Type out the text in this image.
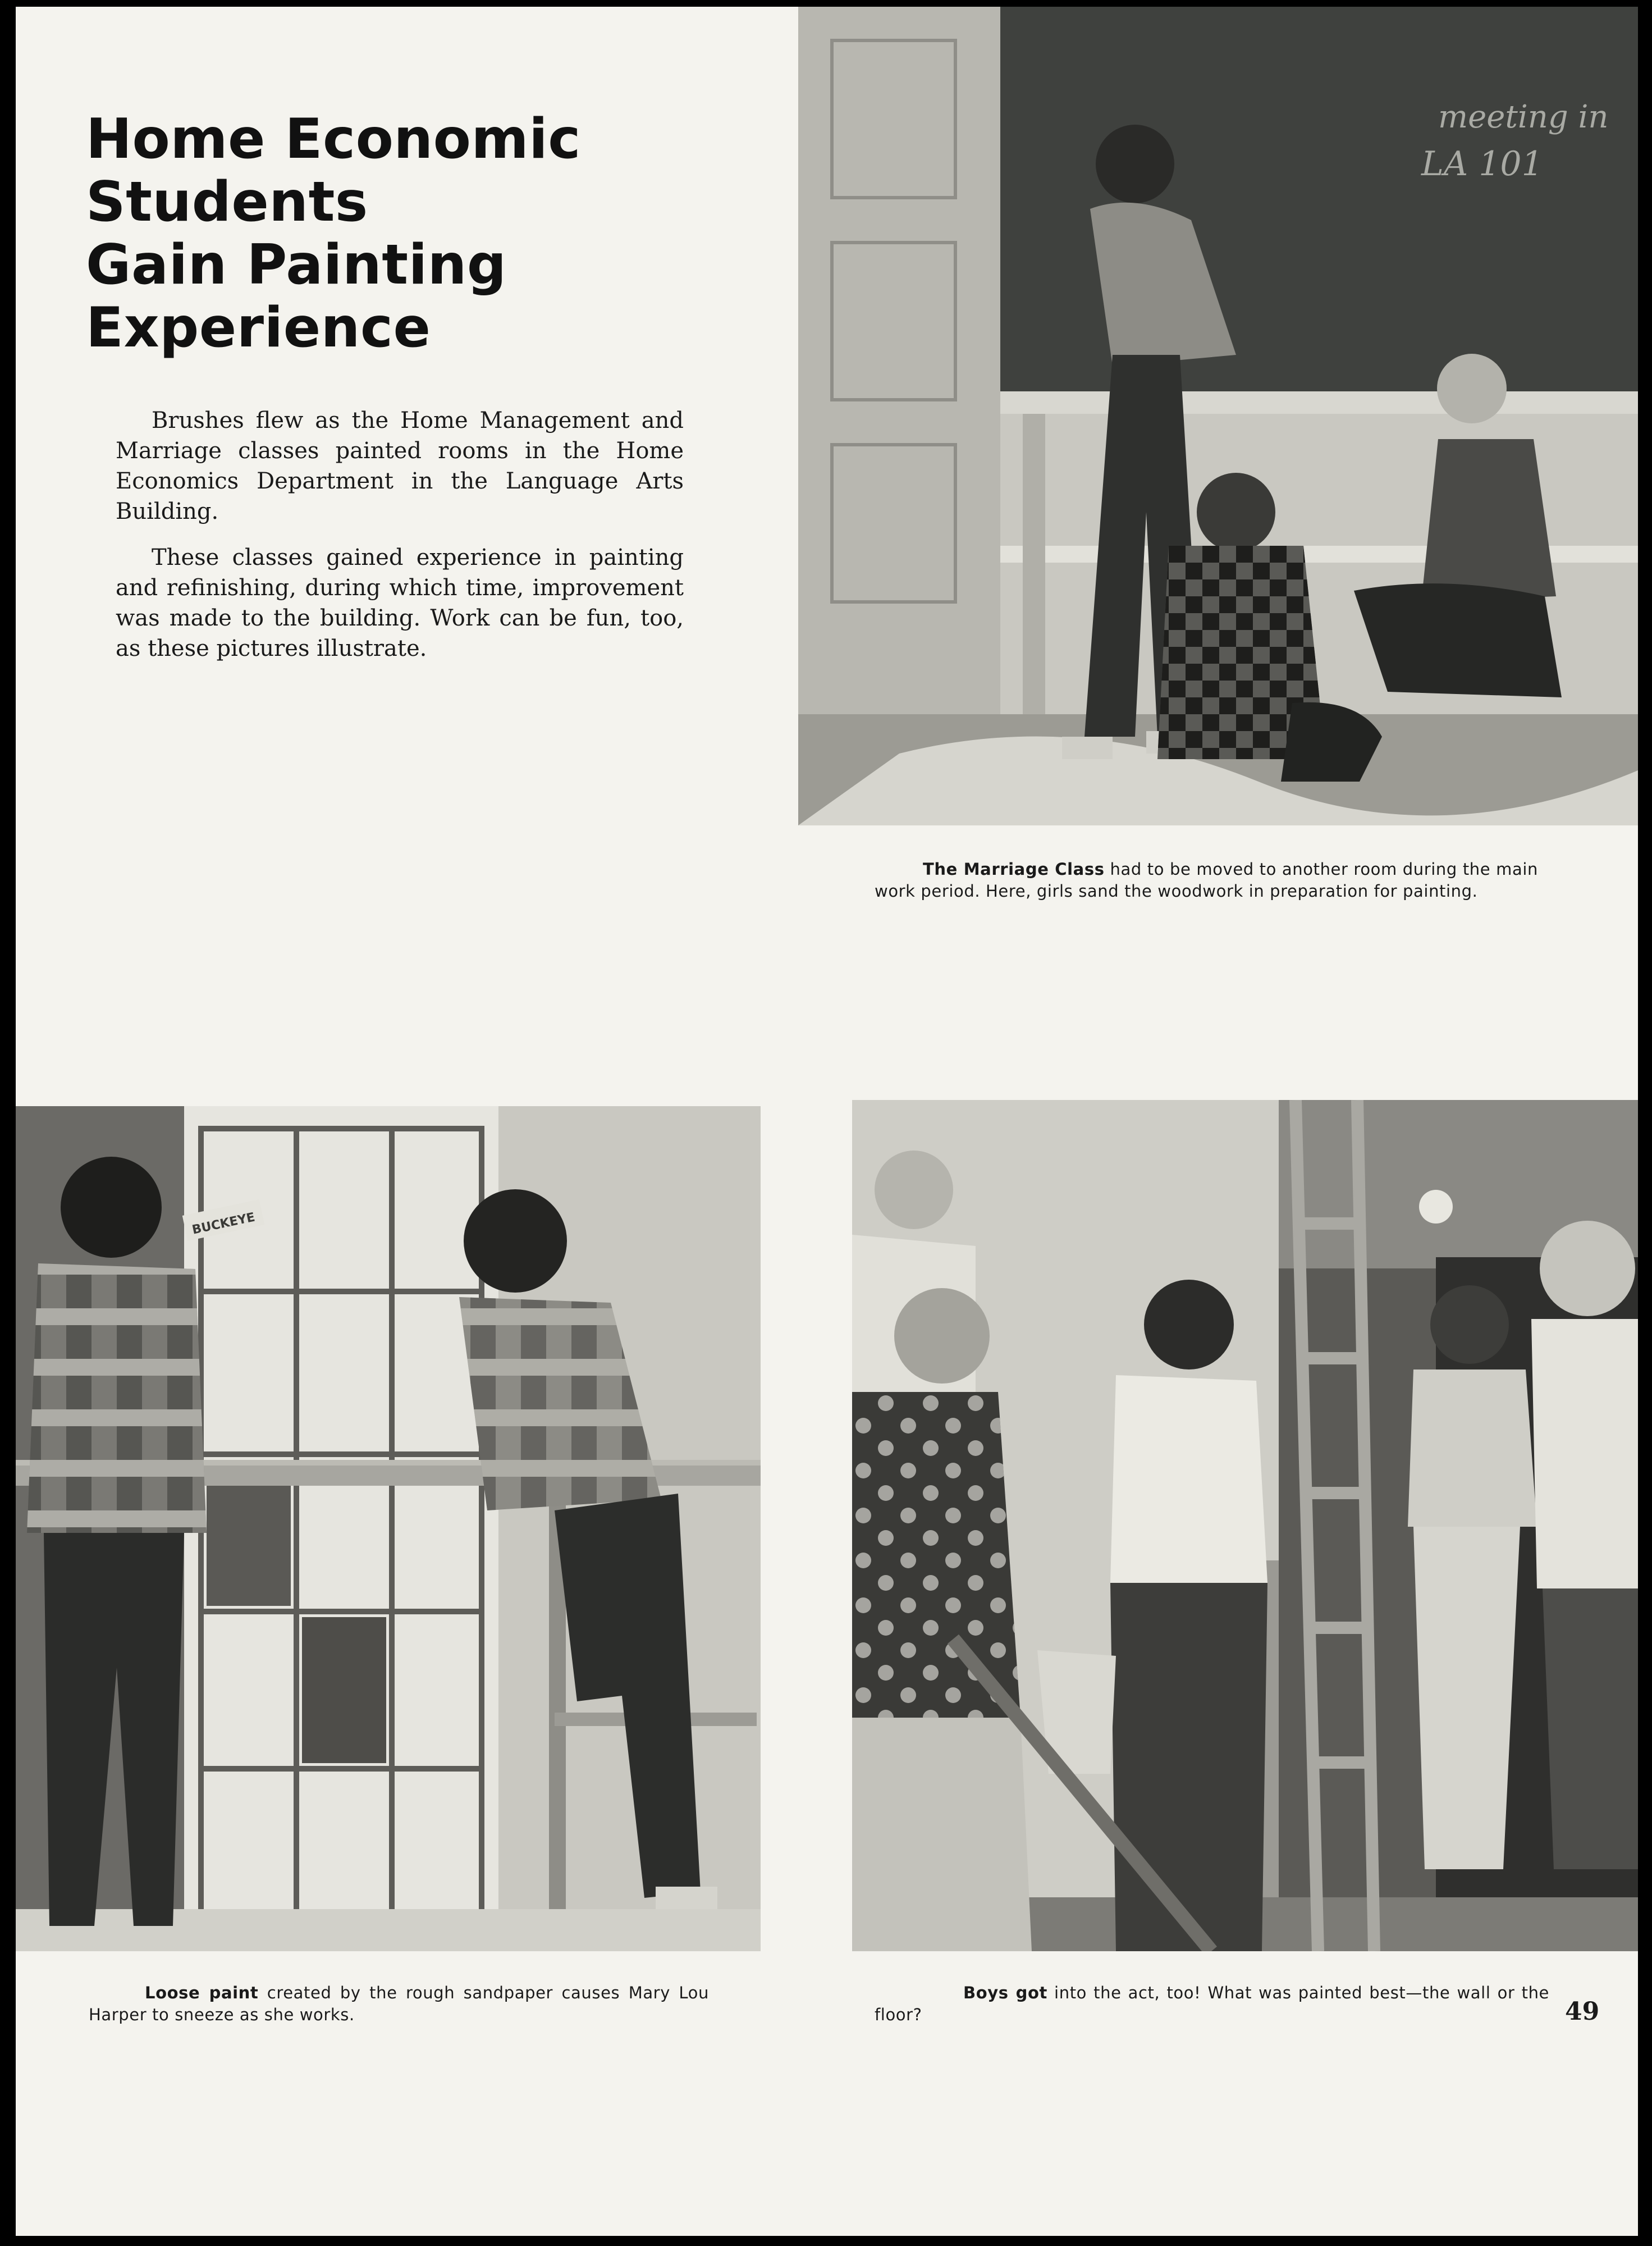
Home Economic Students
Gain Painting Experience

Brushes flew as the Home Management and Marriage classes painted rooms in the Home Economics Department in the Language Arts Building.

These classes gained experience in painting and refinishing, during which time, improvement was made to the building. Work can be fun, too, as these pictures illustrate.

meeting in
LA 101
The Marriage Class had to be moved to another room during the main work period. Here, girls sand the woodwork in preparation for painting.
BUCKEYE
Loose paint created by the rough sandpaper causes Mary Lou Harper to sneeze as she works.
Boys got into the act, too! What was painted best—the wall or the floor?	49
